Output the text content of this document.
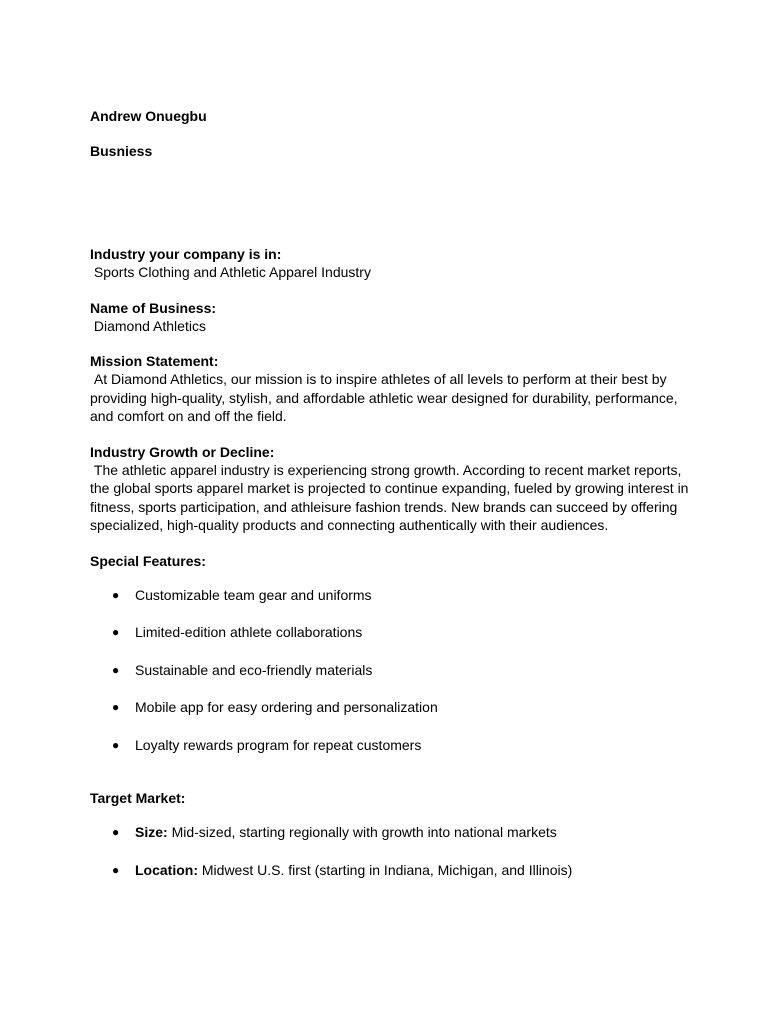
Andrew Onuegbu
Busniess
Industry your company is in:
Sports Clothing and Athletic Apparel Industry
Name of Business:
Diamond Athletics
Mission Statement:
At Diamond Athletics, our mission is to inspire athletes of all levels to perform at their best by providing high-quality, stylish, and affordable athletic wear designed for durability, performance, and comfort on and off the field.
Industry Growth or Decline:
The athletic apparel industry is experiencing strong growth. According to recent market reports, the global sports apparel market is projected to continue expanding, fueled by growing interest in fitness, sports participation, and athleisure fashion trends. New brands can succeed by offering specialized, high-quality products and connecting authentically with their audiences.
Special Features:
● Customizable team gear and uniforms
● Limited-edition athlete collaborations
● Sustainable and eco-friendly materials
● Mobile app for easy ordering and personalization
● Loyalty rewards program for repeat customers
Target Market:
● Size: Mid-sized, starting regionally with growth into national markets
● Location: Midwest U.S. first (starting in Indiana, Michigan, and Illinois)
